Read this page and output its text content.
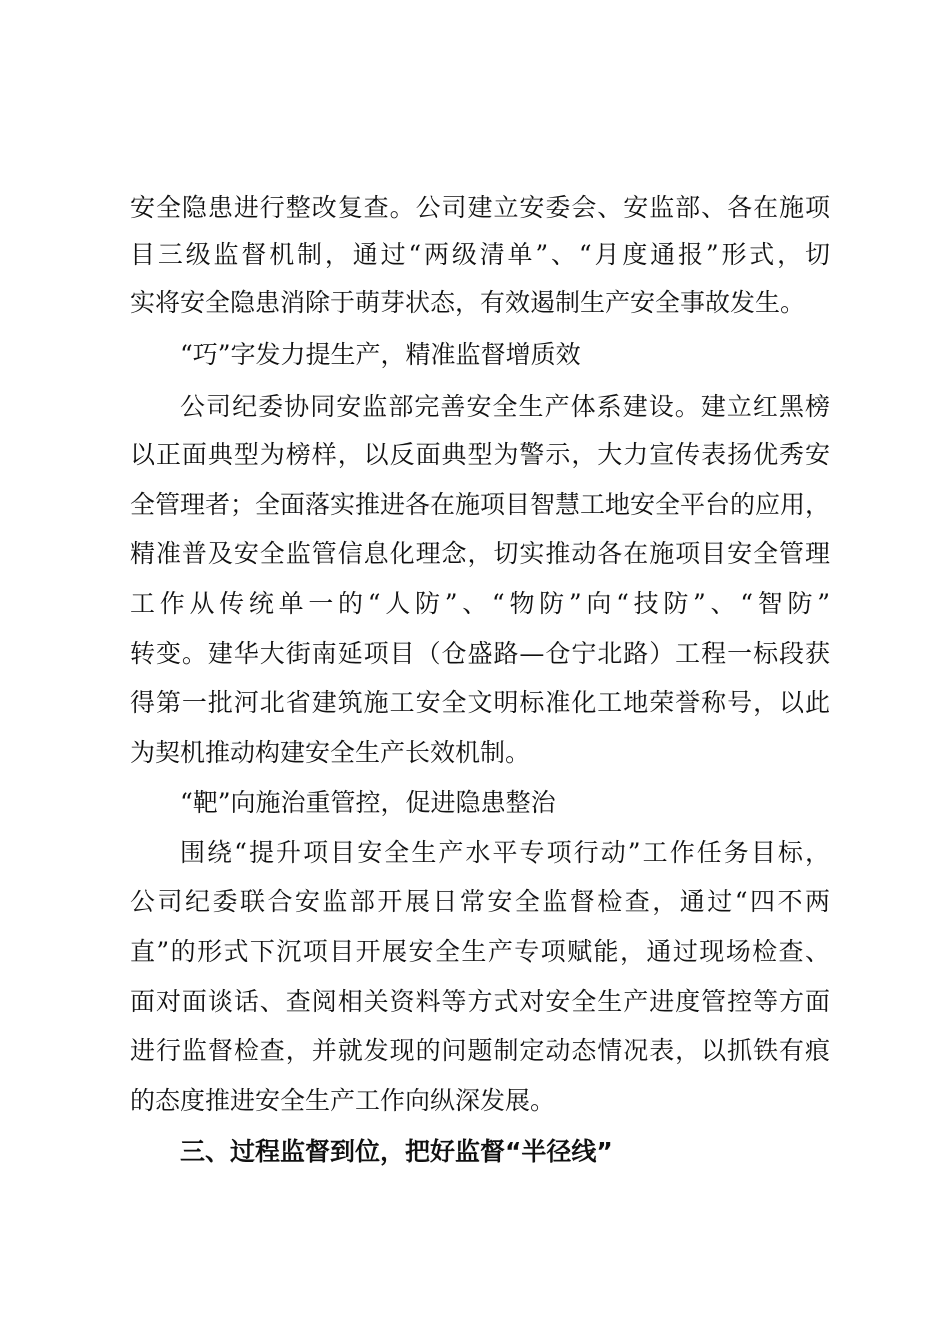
安全隐患进行整改复查。公司建立安委会、安监部、各在施项
目三级监督机制，通过“两级清单”、“月度通报”形式，切
实将安全隐患消除于萌芽状态，有效遏制生产安全事故发生。
“巧”字发力提生产，精准监督增质效
公司纪委协同安监部完善安全生产体系建设。建立红黑榜
以正面典型为榜样，以反面典型为警示，大力宣传表扬优秀安
全管理者；全面落实推进各在施项目智慧工地安全平台的应用，
精准普及安全监管信息化理念，切实推动各在施项目安全管理
工作从传统单一的“人防”、“物防”向“技防”、“智防”
转变。建华大街南延项目（仓盛路—仓宁北路）工程一标段获
得第一批河北省建筑施工安全文明标准化工地荣誉称号，以此
为契机推动构建安全生产长效机制。
“靶”向施治重管控，促进隐患整治
围绕“提升项目安全生产水平专项行动”工作任务目标，
公司纪委联合安监部开展日常安全监督检查，通过“四不两
直”的形式下沉项目开展安全生产专项赋能，通过现场检查、
面对面谈话、查阅相关资料等方式对安全生产进度管控等方面
进行监督检查，并就发现的问题制定动态情况表，以抓铁有痕
的态度推进安全生产工作向纵深发展。
三、过程监督到位，把好监督“半径线”
